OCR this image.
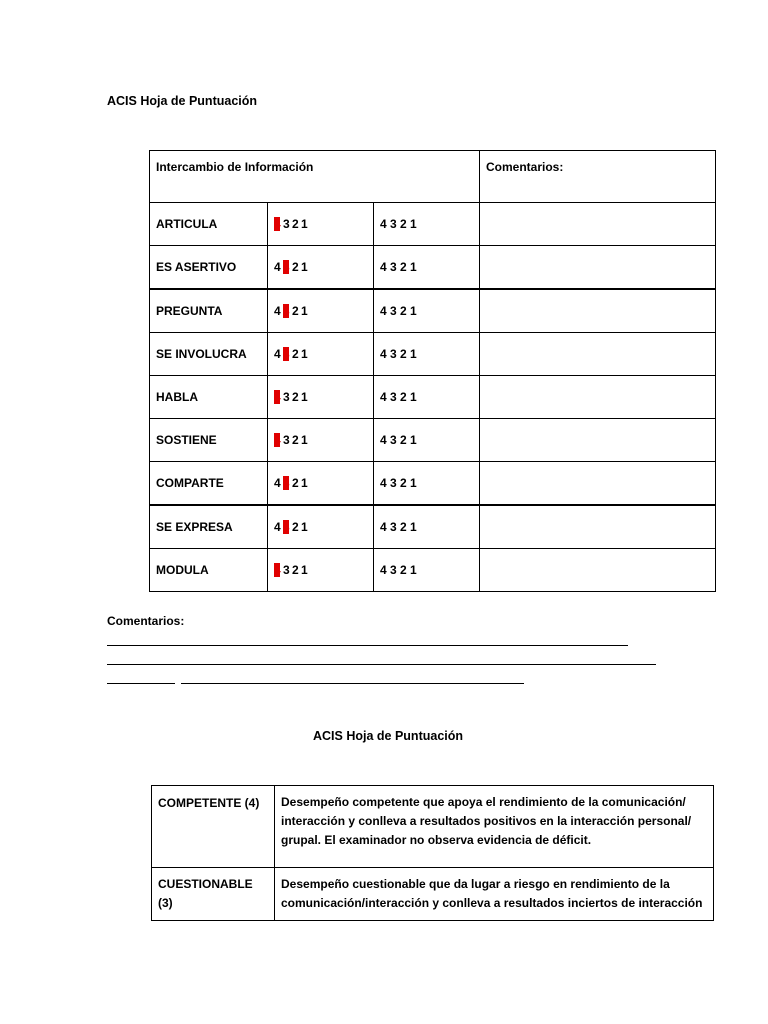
ACIS Hoja de Puntuación
Intercambio de Información			Comentarios:
ARTICULA	4 3 2 1	4 3 2 1	
ES ASERTIVO	4 3 2 1	4 3 2 1	
PREGUNTA	4 3 2 1	4 3 2 1	
SE INVOLUCRA	4 3 2 1	4 3 2 1	
HABLA	4 3 2 1	4 3 2 1	
SOSTIENE	4 3 2 1	4 3 2 1	
COMPARTE	4 3 2 1	4 3 2 1	
SE EXPRESA	4 3 2 1	4 3 2 1	
MODULA	4 3 2 1	4 3 2 1	
Comentarios:
ACIS Hoja de Puntuación
COMPETENTE (4)	Desempeño competente que apoya el rendimiento de la comunicación/ interacción y conlleva a resultados positivos en la interacción personal/ grupal. El examinador no observa evidencia de déficit.
CUESTIONABLE (3)	Desempeño cuestionable que da lugar a riesgo en rendimiento de la comunicación/interacción y conlleva a resultados inciertos de interacción
